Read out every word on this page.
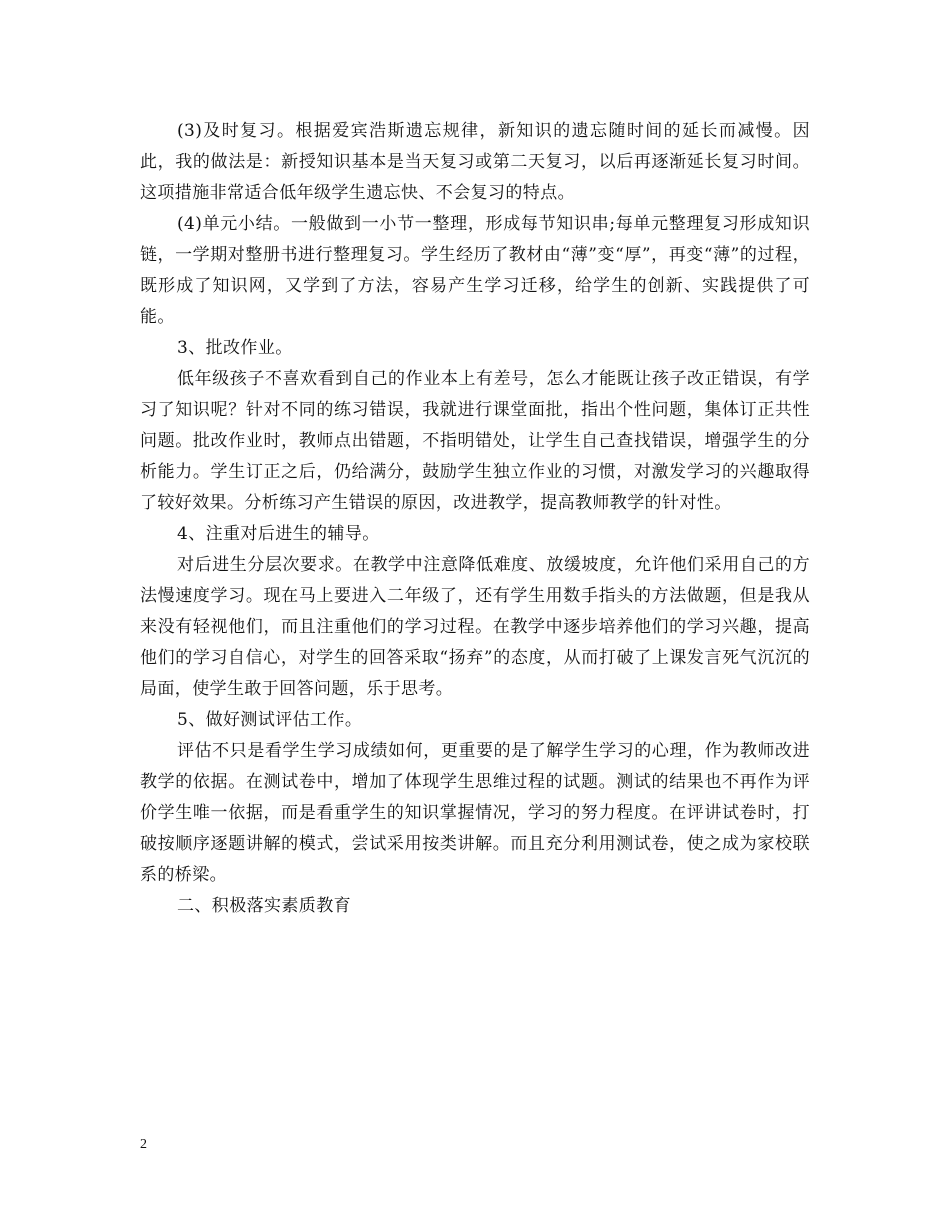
(3)及时复习。根据爱宾浩斯遗忘规律，新知识的遗忘随时间的延长而减慢。因此，我的做法是：新授知识基本是当天复习或第二天复习，以后再逐渐延长复习时间。这项措施非常适合低年级学生遗忘快、不会复习的特点。

(4)单元小结。一般做到一小节一整理，形成每节知识串;每单元整理复习形成知识链，一学期对整册书进行整理复习。学生经历了教材由“薄”变“厚”，再变“薄”的过程，既形成了知识网，又学到了方法，容易产生学习迁移，给学生的创新、实践提供了可能。

3、批改作业。

低年级孩子不喜欢看到自己的作业本上有差号，怎么才能既让孩子改正错误，有学习了知识呢？针对不同的练习错误，我就进行课堂面批，指出个性问题，集体订正共性问题。批改作业时，教师点出错题，不指明错处，让学生自己查找错误，增强学生的分析能力。学生订正之后，仍给满分，鼓励学生独立作业的习惯，对激发学习的兴趣取得了较好效果。分析练习产生错误的原因，改进教学，提高教师教学的针对性。

4、注重对后进生的辅导。

对后进生分层次要求。在教学中注意降低难度、放缓坡度，允许他们采用自己的方法慢速度学习。现在马上要进入二年级了，还有学生用数手指头的方法做题，但是我从来没有轻视他们，而且注重他们的学习过程。在教学中逐步培养他们的学习兴趣，提高他们的学习自信心，对学生的回答采取“扬弃”的态度，从而打破了上课发言死气沉沉的局面，使学生敢于回答问题，乐于思考。

5、做好测试评估工作。

评估不只是看学生学习成绩如何，更重要的是了解学生学习的心理，作为教师改进教学的依据。在测试卷中，增加了体现学生思维过程的试题。测试的结果也不再作为评价学生唯一依据，而是看重学生的知识掌握情况，学习的努力程度。在评讲试卷时，打破按顺序逐题讲解的模式，尝试采用按类讲解。而且充分利用测试卷，使之成为家校联系的桥梁。

二、积极落实素质教育

2
